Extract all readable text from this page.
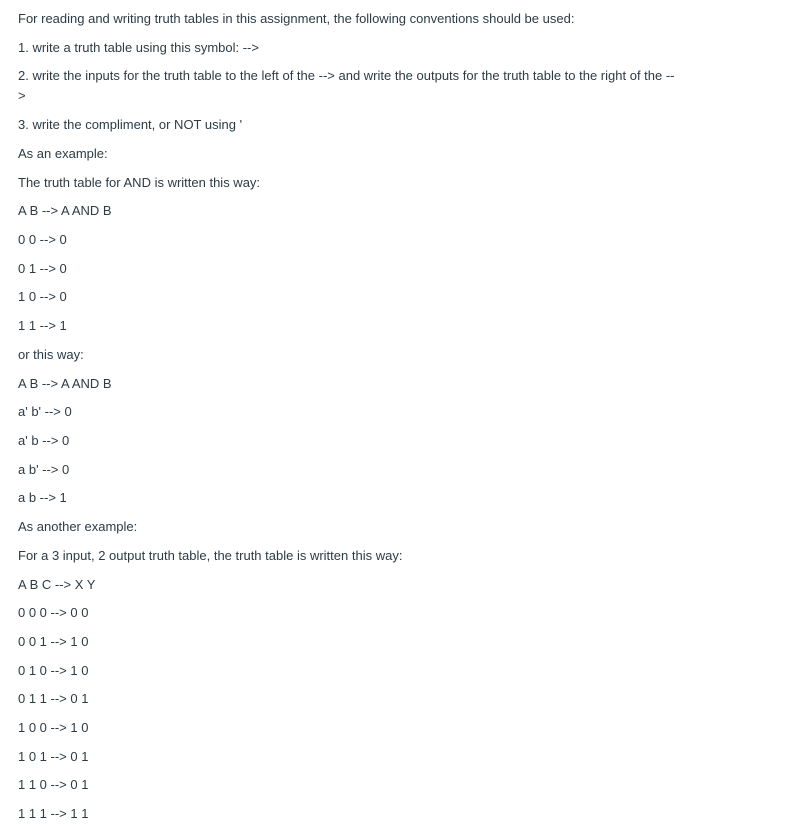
For reading and writing truth tables in this assignment, the following conventions should be used:
1. write a truth table using this symbol: -->
2. write the inputs for the truth table to the left of the --> and write the outputs for the truth table to the right of the --
>
3. write the compliment, or NOT using '
As an example:
The truth table for AND is written this way:
A B --> A AND B
0 0 --> 0
0 1 --> 0
1 0 --> 0
1 1 --> 1
or this way:
A B --> A AND B
a' b' --> 0
a' b --> 0
a b' --> 0
a b --> 1
As another example:
For a 3 input, 2 output truth table, the truth table is written this way:
A B C --> X Y
0 0 0 --> 0 0
0 0 1 --> 1 0
0 1 0 --> 1 0
0 1 1 --> 0 1
1 0 0 --> 1 0
1 0 1 --> 0 1
1 1 0 --> 0 1
1 1 1 --> 1 1
